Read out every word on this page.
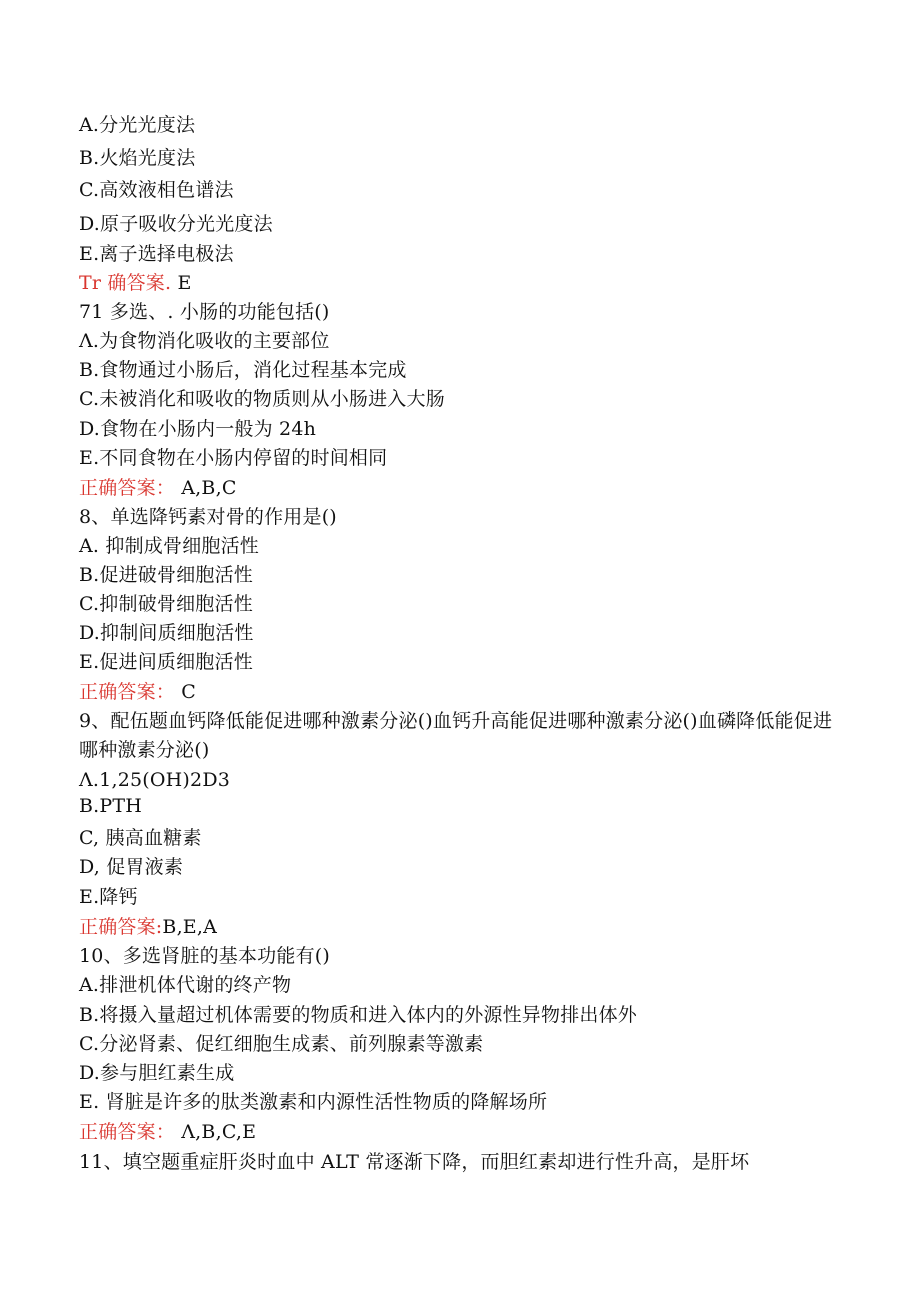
A.分光光度法
B.火焰光度法
C.高效液相色谱法
D.原子吸收分光光度法
E.离子选择电极法
Tr 确答案. E
71 多选、. 小肠的功能包括()
Λ.为食物消化吸收的主要部位
B.食物通过小肠后，消化过程基本完成
C.未被消化和吸收的物质则从小肠进入大肠
D.食物在小肠内一般为 24h
E.不同食物在小肠内停留的时间相同
正确答案： A,B,C
8、单选降钙素对骨的作用是()
A. 抑制成骨细胞活性
B.促进破骨细胞活性
C.抑制破骨细胞活性
D.抑制间质细胞活性
E.促进间质细胞活性
正确答案： C
9、配伍题血钙降低能促进哪种激素分泌()血钙升高能促进哪种激素分泌()血磷降低能促进哪种激素分泌()
Λ.1,25(OH)2D3
B.PTH
C, 胰高血糖素
D, 促胃液素
E.降钙
正确答案:B,E,A
10、多选肾脏的基本功能有()
A.排泄机体代谢的终产物
B.将摄入量超过机体需要的物质和进入体内的外源性异物排出体外
C.分泌肾素、促红细胞生成素、前列腺素等激素
D.参与胆红素生成
E. 肾脏是许多的肽类激素和内源性活性物质的降解场所
正确答案： Λ,B,C,E
11、填空题重症肝炎时血中 ALT 常逐渐下降，而胆红素却进行性升高，是肝坏
